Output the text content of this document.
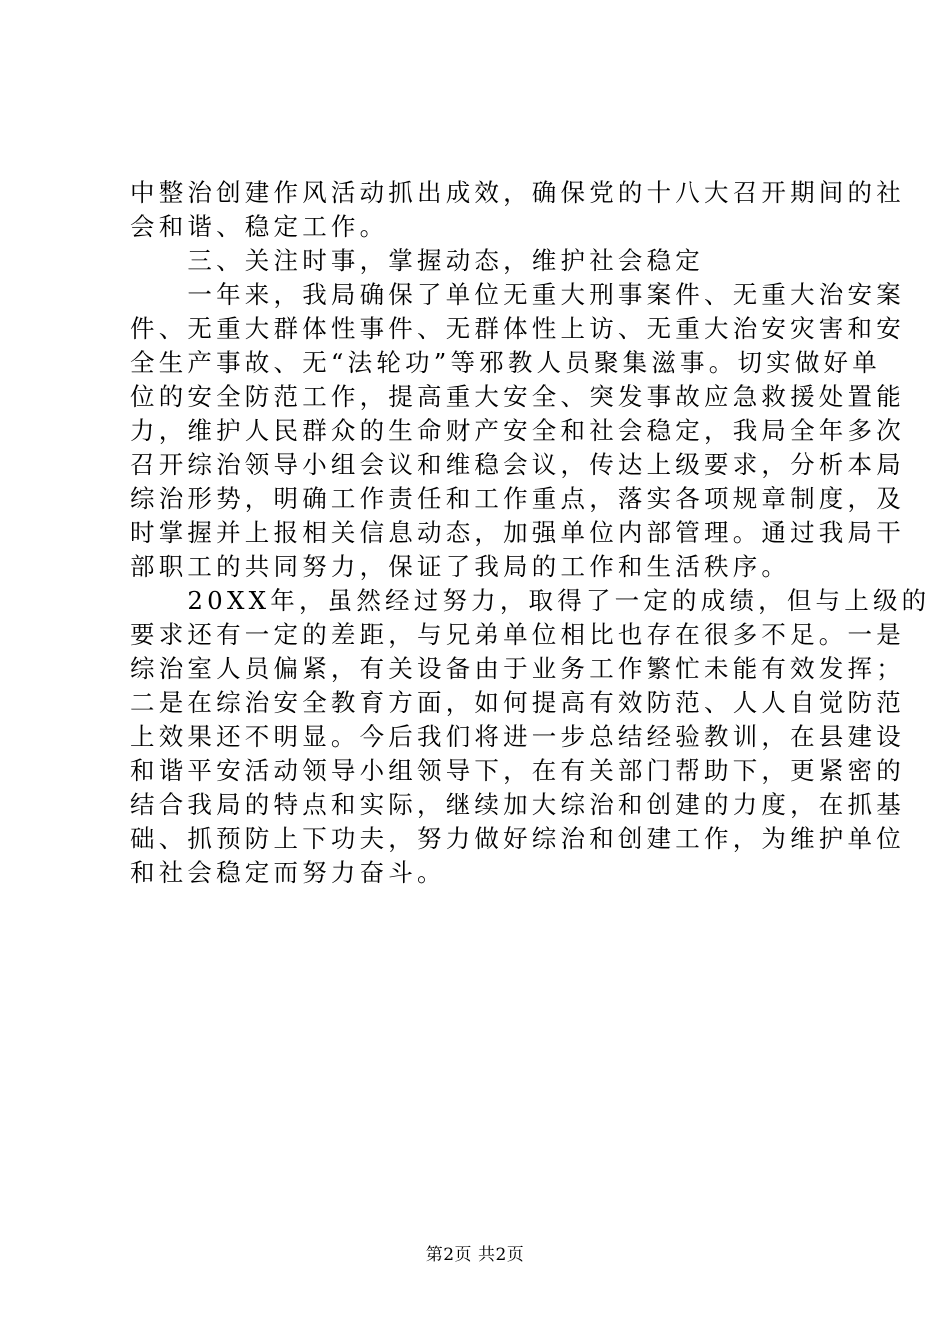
中整治创建作风活动抓出成效，确保党的十八大召开期间的社
会和谐、稳定工作。
　　三、关注时事，掌握动态，维护社会稳定
　　一年来，我局确保了单位无重大刑事案件、无重大治安案
件、无重大群体性事件、无群体性上访、无重大治安灾害和安
全生产事故、无“法轮功”等邪教人员聚集滋事。切实做好单
位的安全防范工作，提高重大安全、突发事故应急救援处置能
力，维护人民群众的生命财产安全和社会稳定，我局全年多次
召开综治领导小组会议和维稳会议，传达上级要求，分析本局
综治形势，明确工作责任和工作重点，落实各项规章制度，及
时掌握并上报相关信息动态，加强单位内部管理。通过我局干
部职工的共同努力，保证了我局的工作和生活秩序。
　　20XX年，虽然经过努力，取得了一定的成绩，但与上级的
要求还有一定的差距，与兄弟单位相比也存在很多不足。一是
综治室人员偏紧，有关设备由于业务工作繁忙未能有效发挥；
二是在综治安全教育方面，如何提高有效防范、人人自觉防范
上效果还不明显。今后我们将进一步总结经验教训，在县建设
和谐平安活动领导小组领导下，在有关部门帮助下，更紧密的
结合我局的特点和实际，继续加大综治和创建的力度，在抓基
础、抓预防上下功夫，努力做好综治和创建工作，为维护单位
和社会稳定而努力奋斗。
第2页 共2页
